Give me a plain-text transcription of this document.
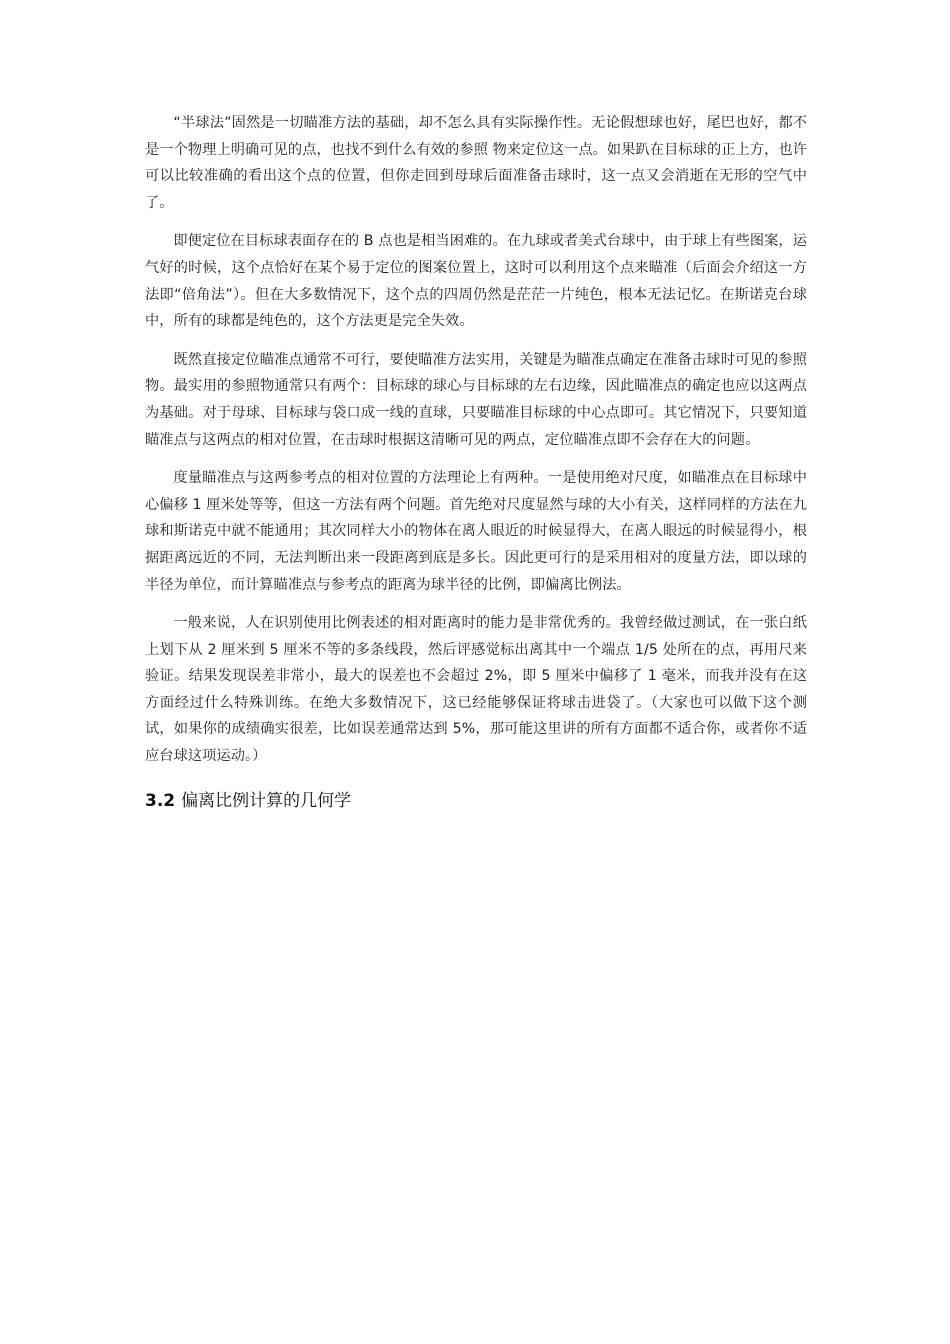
“半球法”固然是一切瞄准方法的基础，却不怎么具有实际操作性。无论假想球也好，尾巴也好，都不是一个物理上明确可见的点，也找不到什么有效的参照 物来定位这一点。如果趴在目标球的正上方，也许可以比较准确的看出这个点的位置，但你走回到母球后面准备击球时，这一点又会消逝在无形的空气中了。

即便定位在目标球表面存在的 B 点也是相当困难的。在九球或者美式台球中，由于球上有些图案，运气好的时候，这个点恰好在某个易于定位的图案位置上，这时可以利用这个点来瞄准（后面会介绍这一方法即“倍角法”）。但在大多数情况下，这个点的四周仍然是茫茫一片纯色，根本无法记忆。在斯诺克台球中，所有的球都是纯色的，这个方法更是完全失效。

既然直接定位瞄准点通常不可行，要使瞄准方法实用，关键是为瞄准点确定在准备击球时可见的参照物。最实用的参照物通常只有两个：目标球的球心与目标球的左右边缘，因此瞄准点的确定也应以这两点为基础。对于母球、目标球与袋口成一线的直球，只要瞄准目标球的中心点即可。其它情况下，只要知道瞄准点与这两点的相对位置，在击球时根据这清晰可见的两点，定位瞄准点即不会存在大的问题。

度量瞄准点与这两参考点的相对位置的方法理论上有两种。一是使用绝对尺度，如瞄准点在目标球中心偏移 1 厘米处等等，但这一方法有两个问题。首先绝对尺度显然与球的大小有关，这样同样的方法在九球和斯诺克中就不能通用；其次同样大小的物体在离人眼近的时候显得大，在离人眼远的时候显得小，根据距离远近的不同，无法判断出来一段距离到底是多长。因此更可行的是采用相对的度量方法，即以球的半径为单位，而计算瞄准点与参考点的距离为球半径的比例，即偏离比例法。

一般来说，人在识别使用比例表述的相对距离时的能力是非常优秀的。我曾经做过测试，在一张白纸上划下从 2 厘米到 5 厘米不等的多条线段，然后评感觉标出离其中一个端点 1/5 处所在的点，再用尺来验证。结果发现误差非常小，最大的误差也不会超过 2%，即 5 厘米中偏移了 1 毫米，而我并没有在这方面经过什么特殊训练。在绝大多数情况下，这已经能够保证将球击进袋了。（大家也可以做下这个测试，如果你的成绩确实很差，比如误差通常达到 5%，那可能这里讲的所有方面都不适合你，或者你不适应台球这项运动。）

3.2 偏离比例计算的几何学
